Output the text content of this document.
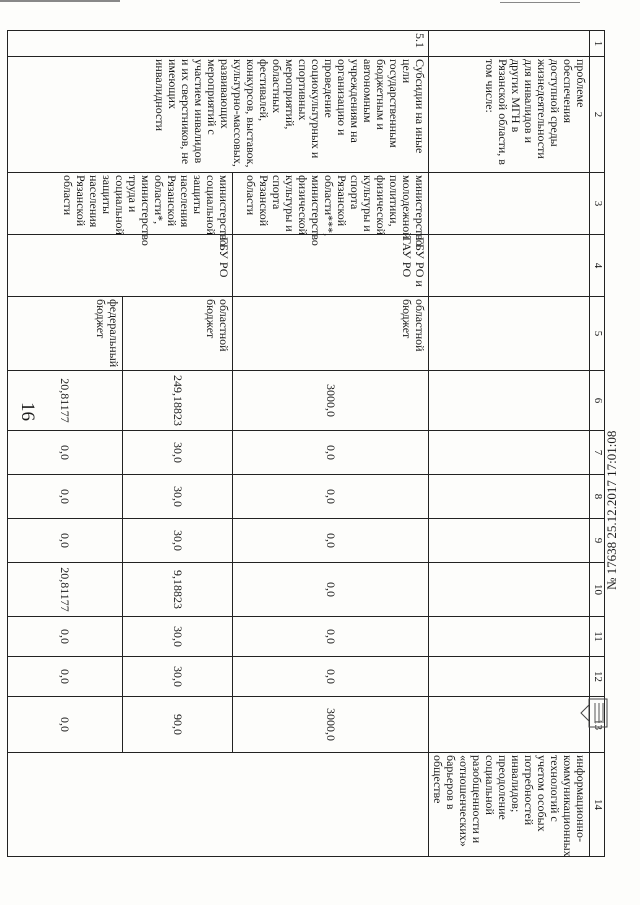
16
1	2	3	4	5	6	7	8	9	10	11	12	13	14
	проблеме обеспечения доступной среды жизнедеятельности для инвалидов и других МГН в Рязанской области, в том числе:												информационно-коммуникационных технологий с учетом особых потребностей инвалидов; преодоление социальной разобщенности и «отношенческих» барьеров в обществе
5.1	Субсидии на иные цели государственным бюджетным и автономным учреждениям на организацию и проведение социокультурных и спортивных мероприятий, областных фестивалей, конкурсов, выставок, культурно-массовых, развивающих мероприятий с участием инвалидов и их сверстников, не имеющих инвалидности	министерство молодежной политики, физической культуры и спорта Рязанской области***, министерство физической культуры и спорта Рязанской области	ГБУ РО и ГАУ РО	областной бюджет	3000,0	0,0	0,0	0,0	0,0	0,0	0,0	3000,0	
		министерство социальной защиты населения Рязанской области*, министерство труда и социальной защиты населения Рязанской области	ГБУ РО	областной бюджет	249,18823	30,0	30,0	30,0	9,18823	30,0	30,0	90,0	
				федеральный бюджет	20,81177	0,0	0,0	0,0	20,81177	0,0	0,0	0,0	
№ 17638 25.12.2017 17:01:08
